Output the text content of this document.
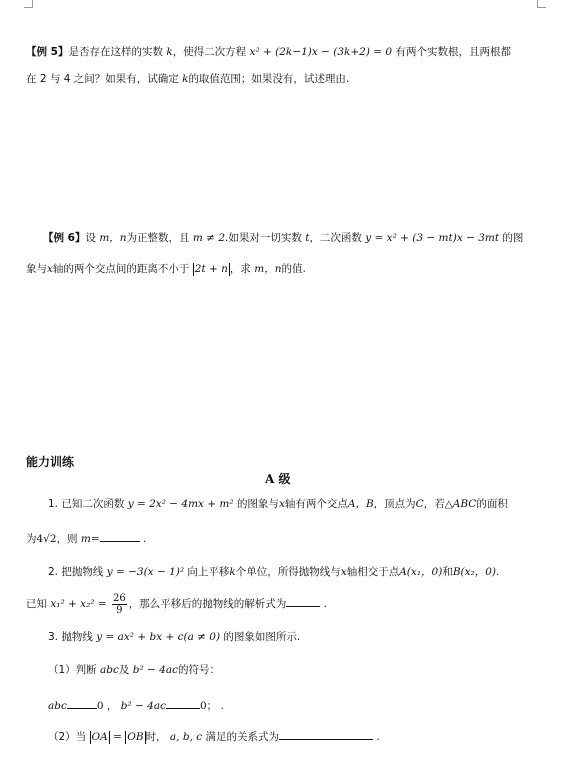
【例 5】是否存在这样的实数 k，使得二次方程 x² + (2k−1)x − (3k+2) = 0 有两个实数根，且两根都
在 2 与 4 之间？如果有，试确定 k的取值范围；如果没有，试述理由.
【例 6】设 m，n为正整数，且 m ≠ 2.如果对一切实数 t，二次函数 y = x² + (3 − mt)x − 3mt 的图
象与x轴的两个交点间的距离不小于 2t + n ，求 m，n的值.
能力训练
A 级
1. 已知二次函数 y = 2x² − 4mx + m² 的图象与x轴有两个交点A，B，顶点为C，若△ABC的面积
为4√2，则 m=	.
2. 把抛物线 y = −3(x − 1)² 向上平移k个单位，所得抛物线与x轴相交于点A(x₁，0)和B(x₂，0).
已知 $x_1^2 + x_2^2 = \frac{26}{9}$ ，那么平移后的抛物线的解析式为	.
3. 抛物线 y = ax² + bx + c(a ≠ 0) 的图象如图所示.
（1）判断 abc及 b² − 4ac的符号：
abc	0 ， b² − 4ac	0； .
（2）当 OA = OB 时， a, b, c 满足的关系式为	.
